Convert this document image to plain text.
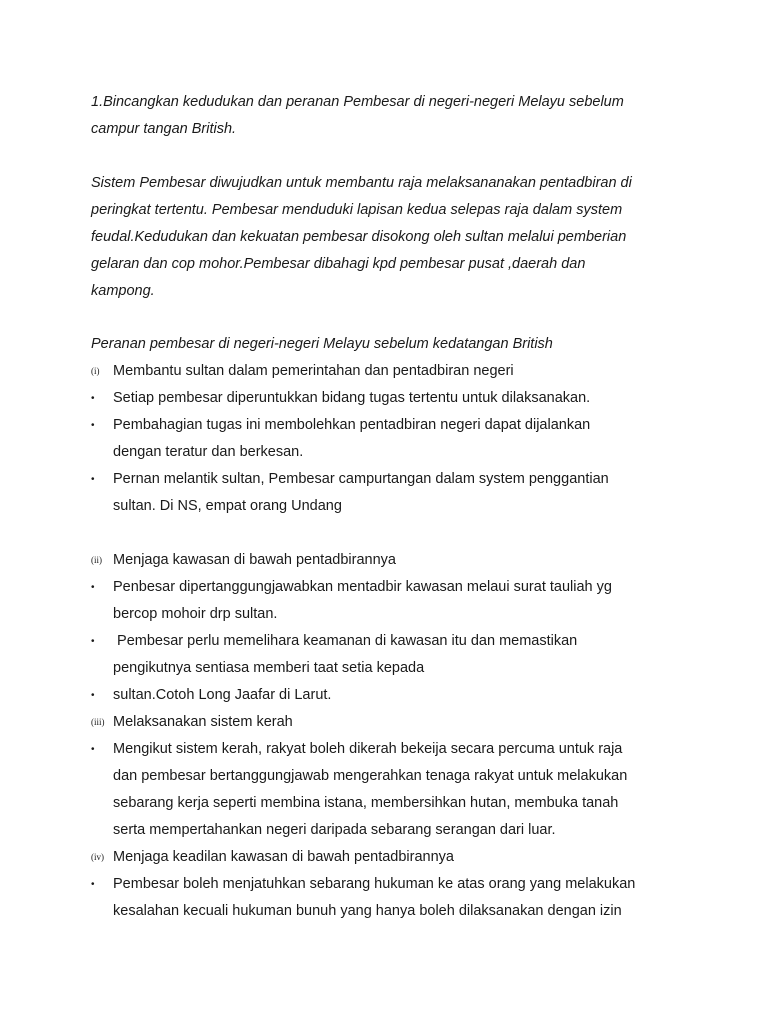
1.Bincangkan kedudukan dan peranan Pembesar di negeri-negeri Melayu sebelum
campur tangan British.
Sistem Pembesar diwujudkan untuk membantu raja melaksananakan pentadbiran di
peringkat tertentu. Pembesar menduduki lapisan kedua selepas raja dalam system
feudal.Kedudukan dan kekuatan pembesar disokong oleh sultan melalui pemberian
gelaran dan cop mohor.Pembesar dibahagi kpd pembesar pusat ,daerah dan
kampong.
Peranan pembesar di negeri-negeri Melayu sebelum kedatangan British
(i) Membantu sultan dalam pemerintahan dan pentadbiran negeri
• Setiap pembesar diperuntukkan bidang tugas tertentu untuk dilaksanakan.
• Pembahagian tugas ini membolehkan pentadbiran negeri dapat dijalankan
dengan teratur dan berkesan.
• Pernan melantik sultan, Pembesar campurtangan dalam system penggantian
sultan. Di NS, empat orang Undang
(ii) Menjaga kawasan di bawah pentadbirannya
• Penbesar dipertanggungjawabkan mentadbir kawasan melaui surat tauliah yg
bercop mohoir drp sultan.
• Pembesar perlu memelihara keamanan di kawasan itu dan memastikan
pengikutnya sentiasa memberi taat setia kepada
• sultan.Cotoh Long Jaafar di Larut.
(iii) Melaksanakan sistem kerah
• Mengikut sistem kerah, rakyat boleh dikerah bekeija secara percuma untuk raja
dan pembesar bertanggungjawab mengerahkan tenaga rakyat untuk melakukan
sebarang kerja seperti membina istana, membersihkan hutan, membuka tanah
serta mempertahankan negeri daripada sebarang serangan dari luar.
(iv) Menjaga keadilan kawasan di bawah pentadbirannya
• Pembesar boleh menjatuhkan sebarang hukuman ke atas orang yang melakukan
kesalahan kecuali hukuman bunuh yang hanya boleh dilaksanakan dengan izin
